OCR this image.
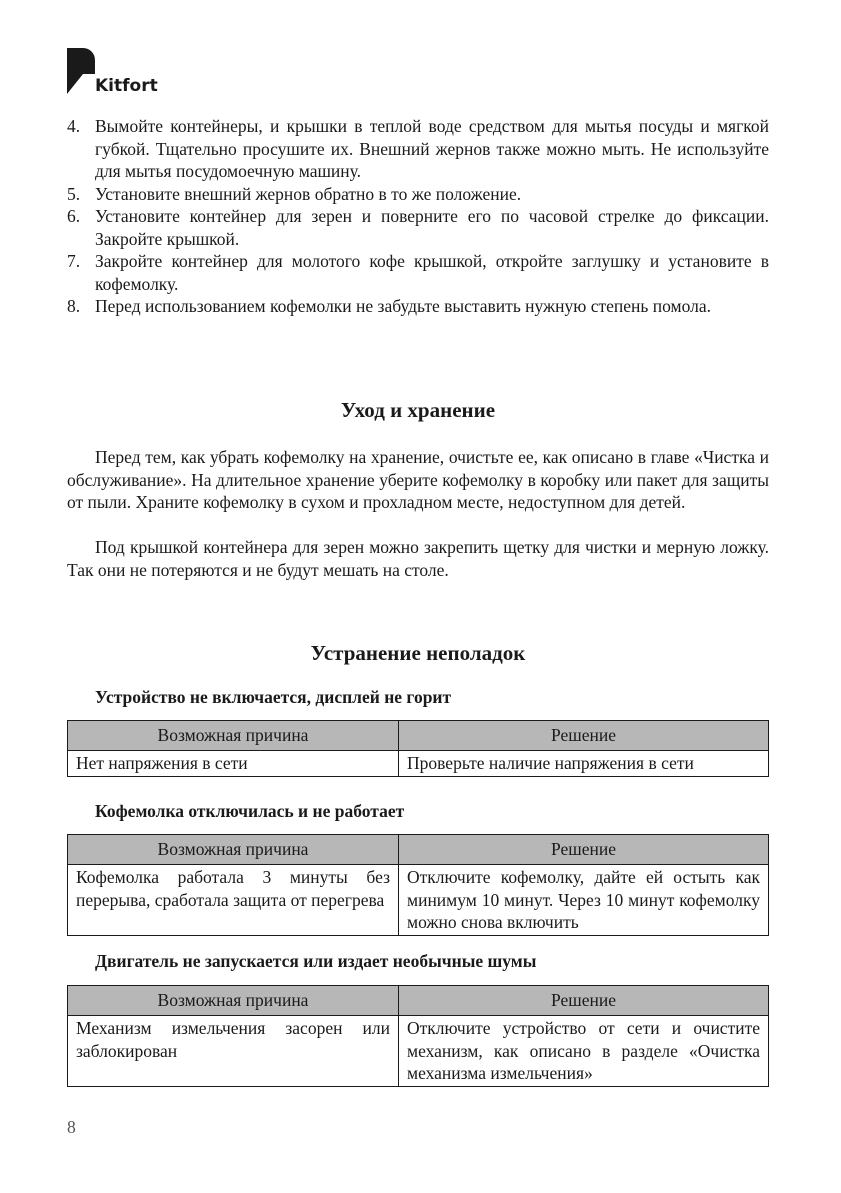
Kitfort
4. Вымойте контейнеры, и крышки в теплой воде средством для мытья посуды и мягкой губкой. Тщательно просушите их. Внешний жернов также можно мыть. Не используйте для мытья посудомоечную машину.
5. Установите внешний жернов обратно в то же положение.
6. Установите контейнер для зерен и поверните его по часовой стрелке до фиксации. Закройте крышкой.
7. Закройте контейнер для молотого кофе крышкой, откройте заглушку и установите в кофемолку.
8. Перед использованием кофемолки не забудьте выставить нужную степень помола.
Уход и хранение

Перед тем, как убрать кофемолку на хранение, очистьте ее, как описано в главе «Чистка и обслуживание». На длительное хранение уберите кофемолку в коробку или пакет для защиты от пыли. Храните кофемолку в сухом и прохладном месте, недоступном для детей.

Под крышкой контейнера для зерен можно закрепить щетку для чистки и мерную ложку. Так они не потеряются и не будут мешать на столе.

Устранение неполадок
Устройство не включается, дисплей не горит
Возможная причина	Решение
Нет напряжения в сети	Проверьте наличие напряжения в сети
Кофемолка отключилась и не работает
Возможная причина	Решение
Кофемолка работала 3 минуты без перерыва, сработала защита от перегрева	Отключите кофемолку, дайте ей остыть как минимум 10 минут. Через 10 минут кофемолку можно снова включить
Двигатель не запускается или издает необычные шумы
Возможная причина	Решение
Механизм измельчения засорен или заблокирован	Отключите устройство от сети и очистите механизм, как описано в разделе «Очистка механизма измельчения»
8
